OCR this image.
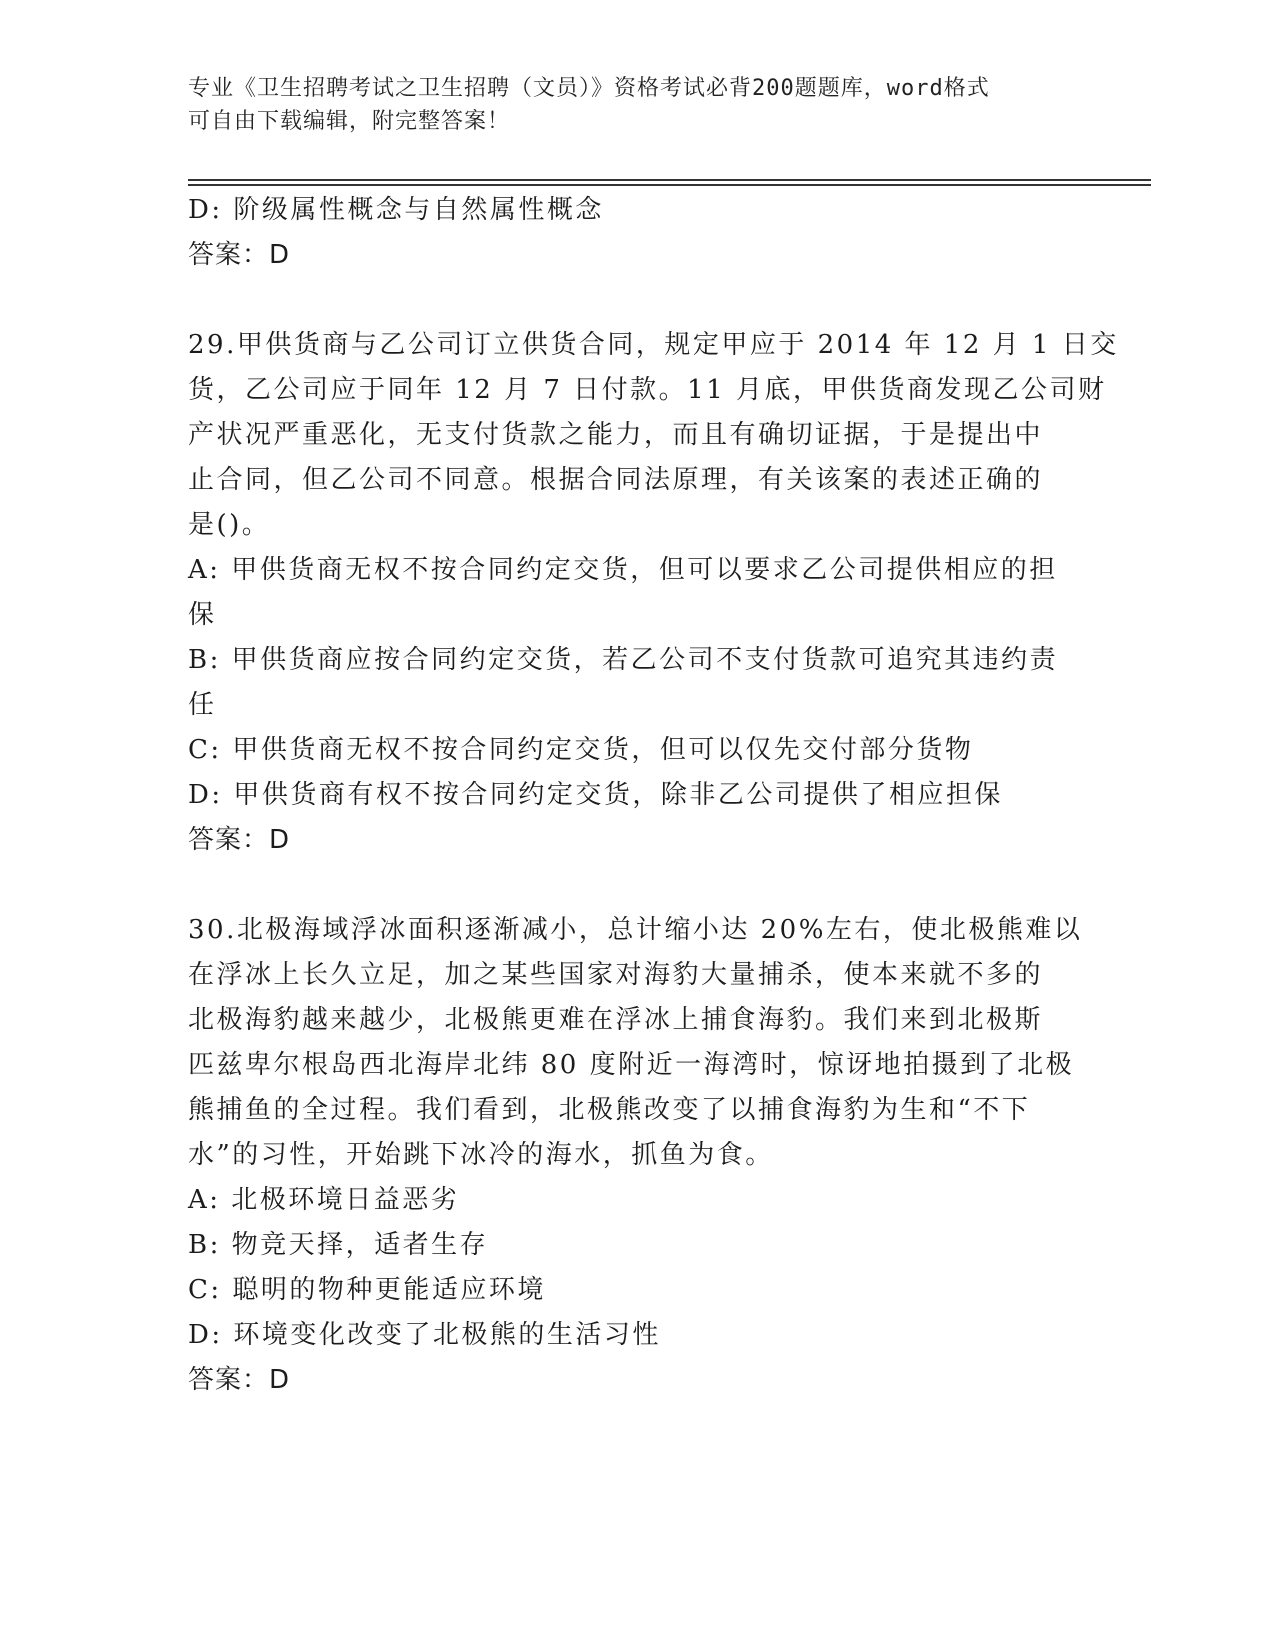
专业《卫生招聘考试之卫生招聘（文员）》资格考试必背200题题库，word格式
可自由下载编辑，附完整答案！
D: 阶级属性概念与自然属性概念
答案：D
29.甲供货商与乙公司订立供货合同，规定甲应于 2014 年 12 月 1 日交
货，乙公司应于同年 12 月 7 日付款。11 月底，甲供货商发现乙公司财
产状况严重恶化，无支付货款之能力，而且有确切证据，于是提出中
止合同，但乙公司不同意。根据合同法原理，有关该案的表述正确的
是()。
A: 甲供货商无权不按合同约定交货，但可以要求乙公司提供相应的担
保
B: 甲供货商应按合同约定交货，若乙公司不支付货款可追究其违约责
任
C: 甲供货商无权不按合同约定交货，但可以仅先交付部分货物
D: 甲供货商有权不按合同约定交货，除非乙公司提供了相应担保
答案：D
30.北极海域浮冰面积逐渐减小，总计缩小达 20%左右，使北极熊难以
在浮冰上长久立足，加之某些国家对海豹大量捕杀，使本来就不多的
北极海豹越来越少，北极熊更难在浮冰上捕食海豹。我们来到北极斯
匹兹卑尔根岛西北海岸北纬 80 度附近一海湾时，惊讶地拍摄到了北极
熊捕鱼的全过程。我们看到，北极熊改变了以捕食海豹为生和“不下
水”的习性，开始跳下冰冷的海水，抓鱼为食。
A: 北极环境日益恶劣
B: 物竞天择，适者生存
C: 聪明的物种更能适应环境
D: 环境变化改变了北极熊的生活习性
答案：D
